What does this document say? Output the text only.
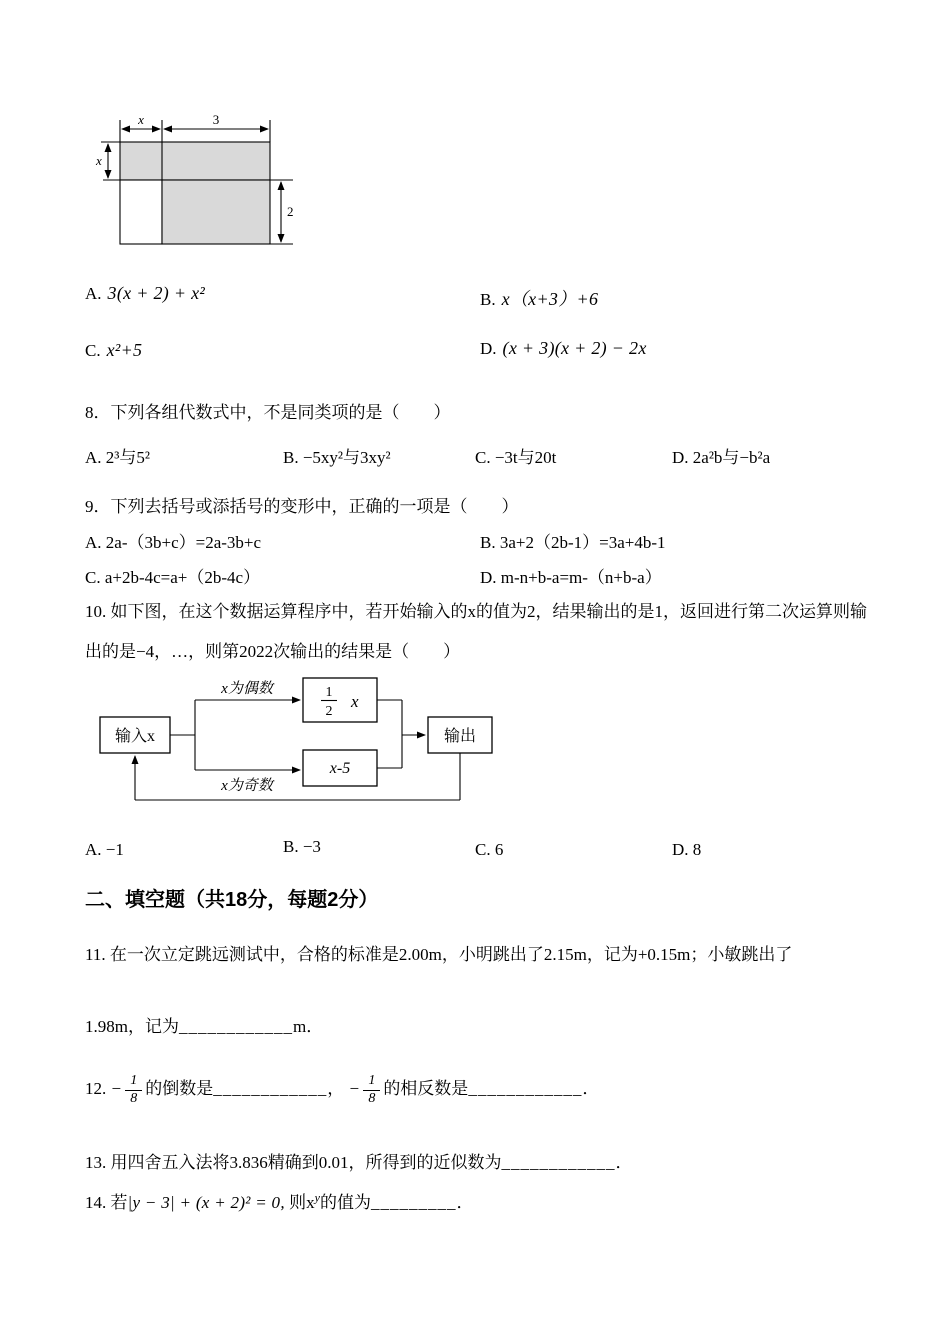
x	3
x
2
A. 3(x + 2) + x²	B. x（x+3）+6
C. x²+5	D. (x + 3)(x + 2) − 2x
8．下列各组代数式中，不是同类项的是（　　）
A. 2³与5²	B. −5xy²与3xy²	C. −3t与20t	D. 2a²b与−b²a
9．下列去括号或添括号的变形中，正确的一项是（　　）
A. 2a-（3b+c）=2a-3b+c	B. 3a+2（2b-1）=3a+4b-1
C. a+2b-4c=a+（2b-4c）	D. m-n+b-a=m-（n+b-a）
10. 如下图，在这个数据运算程序中，若开始输入的x的值为2，结果输出的是1，返回进行第二次运算则输出的是−4，…，则第2022次输出的结果是（　　）
输入x
x为偶数
x为奇数
1
2
x
x-5
输出
A. −1	B. −3	C. 6	D. 8
二、填空题（共18分，每题2分）
11. 在一次立定跳远测试中，合格的标准是2.00m，小明跳出了2.15m，记为+0.15m；小敏跳出了
1.98m，记为____________m．
12. − $\frac{1}{8}$ 的倒数是____________， − $\frac{1}{8}$ 的相反数是____________．
13. 用四舍五入法将3.836精确到0.01，所得到的近似数为____________．
14. 若|y − 3| + (x + 2)² = 0, 则$x^y$的值为_________．
